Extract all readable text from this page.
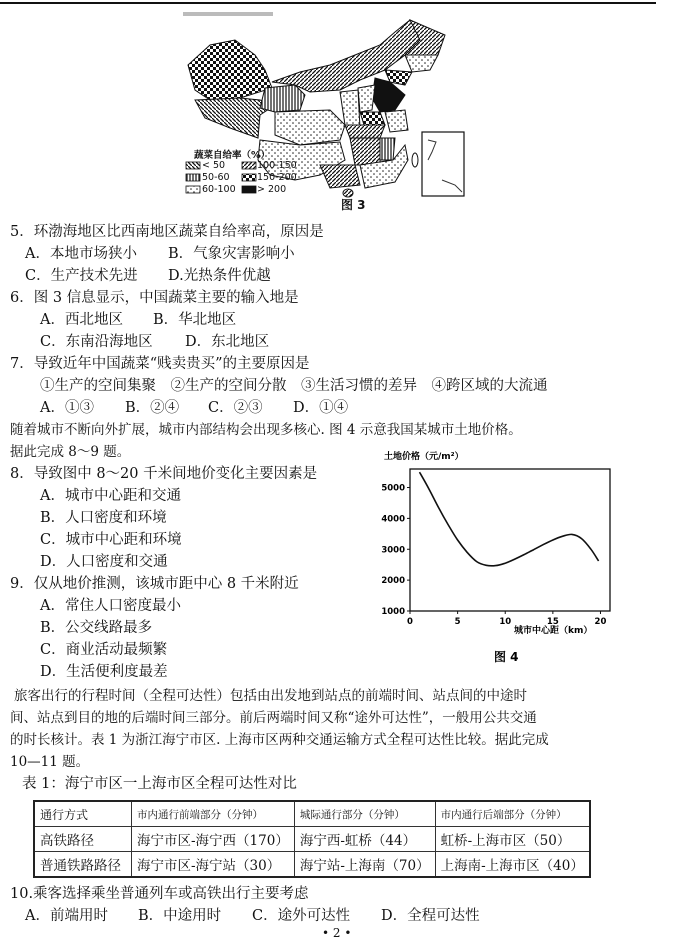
蔬菜自给率（%）
< 50	100-150
50-60	150-200
60-100 > 200
图 3
5．环渤海地区比西南地区蔬菜自给率高，原因是
A．本地市场狭小 B．气象灾害影响小
C．生产技术先进 D.光热条件优越
6．图 3 信息显示，中国蔬菜主要的输入地是
A．西北地区 B．华北地区
C．东南沿海地区 D．东北地区
7．导致近年中国蔬菜“贱卖贵买”的主要原因是
①生产的空间集聚　②生产的空间分散　③生活习惯的差异　④跨区域的大流通
A．①③ B．②④ C．②③ D．①④
随着城市不断向外扩展，城市内部结构会出现多核心. 图 4 示意我国某城市土地价格。
据此完成 8～9 题。
8．导致图中 8～20 千米间地价变化主要因素是
A．城市中心距和交通
B．人口密度和环境
C．城市中心距和环境
D．人口密度和交通
9．仅从地价推测，该城市距中心 8 千米附近
A．常住人口密度最小
B．公交线路最多
C．商业活动最频繁
D．生活便利度最差
土地价格（元/m²）
1000
2000
3000
4000
5000
0	5	10	15	20
城市中心距（km）
图 4
旅客出行的行程时间（全程可达性）包括由出发地到站点的前端时间、站点间的中途时
间、站点到目的地的后端时间三部分。前后两端时间又称“途外可达性”，一般用公共交通
的时长核计。表 1 为浙江海宁市区. 上海市区两种交通运输方式全程可达性比较。据此完成
10—11 题。
表 1：海宁市区一上海市区全程可达性对比
通行方式	市内通行前端部分（分钟）	城际通行部分（分钟）	市内通行后端部分（分钟）
高铁路径	海宁市区-海宁西（170）	海宁西-虹桥（44）	虹桥-上海市区（50）
普通铁路路径	海宁市区-海宁站（30）	海宁站-上海南（70）	上海南-上海市区（40）
10.乘客选择乘坐普通列车或高铁出行主要考虑
A．前端用时 B．中途用时 C．途外可达性 D．全程可达性
• 2 •
